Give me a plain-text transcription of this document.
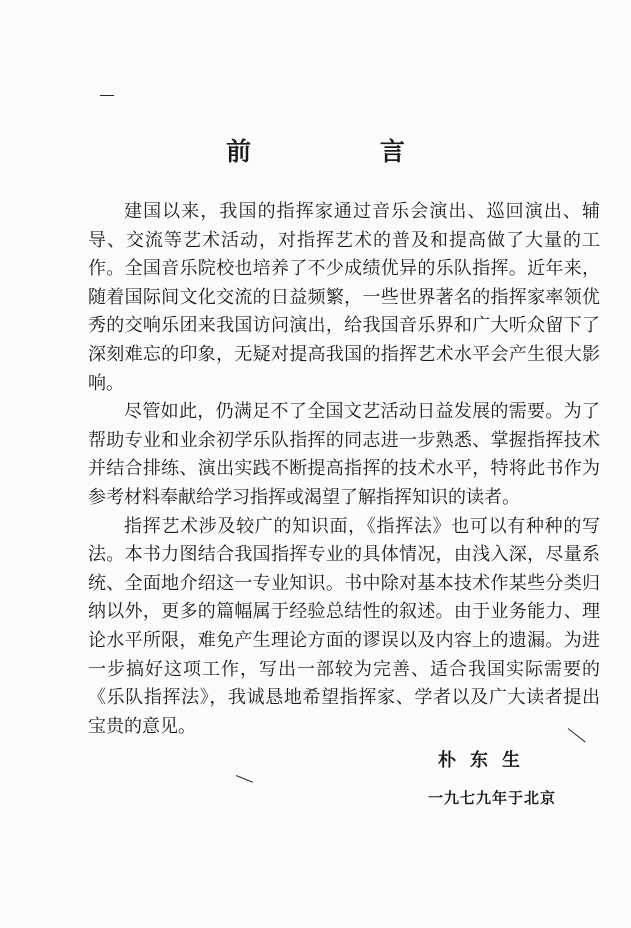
前 言

建国以来，我国的指挥家通过音乐会演出、巡回演出、辅导、交流等艺术活动，对指挥艺术的普及和提高做了大量的工作。全国音乐院校也培养了不少成绩优异的乐队指挥。近年来，随着国际间文化交流的日益频繁，一些世界著名的指挥家率领优秀的交响乐团来我国访问演出，给我国音乐界和广大听众留下了深刻难忘的印象，无疑对提高我国的指挥艺术水平会产生很大影响。

尽管如此，仍满足不了全国文艺活动日益发展的需要。为了帮助专业和业余初学乐队指挥的同志进一步熟悉、掌握指挥技术并结合排练、演出实践不断提高指挥的技术水平，特将此书作为参考材料奉献给学习指挥或渴望了解指挥知识的读者。

指挥艺术涉及较广的知识面，《指挥法》也可以有种种的写法。本书力图结合我国指挥专业的具体情况，由浅入深，尽量系统、全面地介绍这一专业知识。书中除对基本技术作某些分类归纳以外，更多的篇幅属于经验总结性的叙述。由于业务能力、理论水平所限，难免产生理论方面的谬误以及内容上的遗漏。为进一步搞好这项工作，写出一部较为完善、适合我国实际需要的《乐队指挥法》，我诚恳地希望指挥家、学者以及广大读者提出宝贵的意见。

朴东生
一九七九年于北京
